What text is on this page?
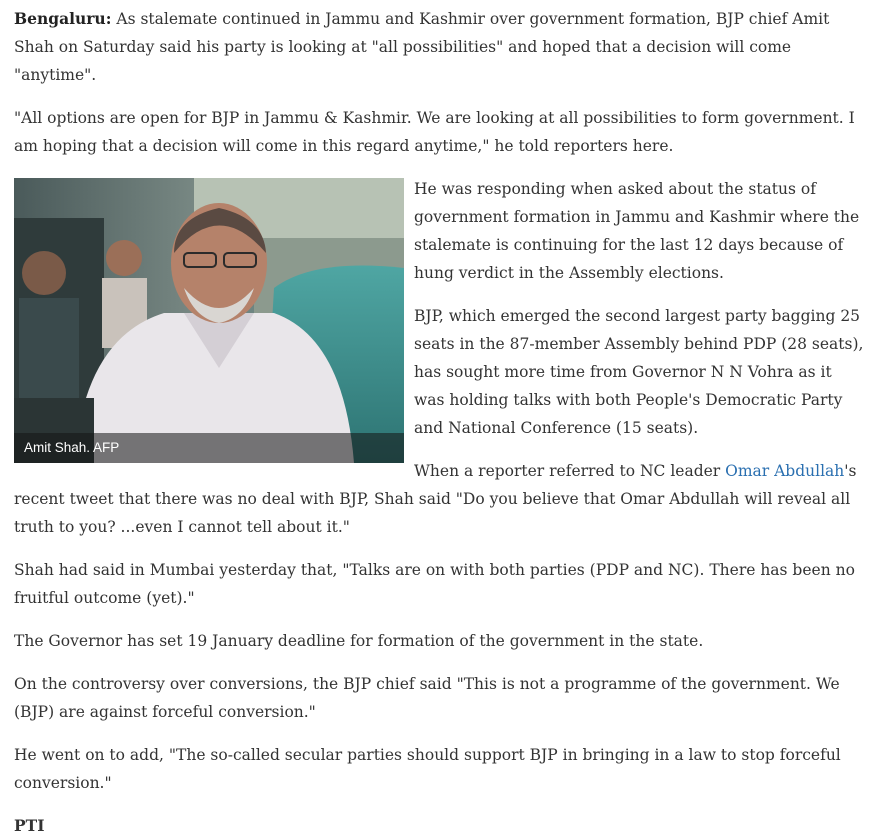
Bengaluru: As stalemate continued in Jammu and Kashmir over government formation, BJP chief Amit Shah on Saturday said his party is looking at "all possibilities" and hoped that a decision will come "anytime".

"All options are open for BJP in Jammu & Kashmir. We are looking at all possibilities to form government. I am hoping that a decision will come in this regard anytime," he told reporters here.

Amit Shah. AFP

He was responding when asked about the status of government formation in Jammu and Kashmir where the stalemate is continuing for the last 12 days because of hung verdict in the Assembly elections.

BJP, which emerged the second largest party bagging 25 seats in the 87-member Assembly behind PDP (28 seats), has sought more time from Governor N N Vohra as it was holding talks with both People's Democratic Party and National Conference (15 seats).

When a reporter referred to NC leader Omar Abdullah's recent tweet that there was no deal with BJP, Shah said "Do you believe that Omar Abdullah will reveal all truth to you? ...even I cannot tell about it."

Shah had said in Mumbai yesterday that, "Talks are on with both parties (PDP and NC). There has been no fruitful outcome (yet)."

The Governor has set 19 January deadline for formation of the government in the state.

On the controversy over conversions, the BJP chief said "This is not a programme of the government. We (BJP) are against forceful conversion."

He went on to add, "The so-called secular parties should support BJP in bringing in a law to stop forceful conversion."

PTI
